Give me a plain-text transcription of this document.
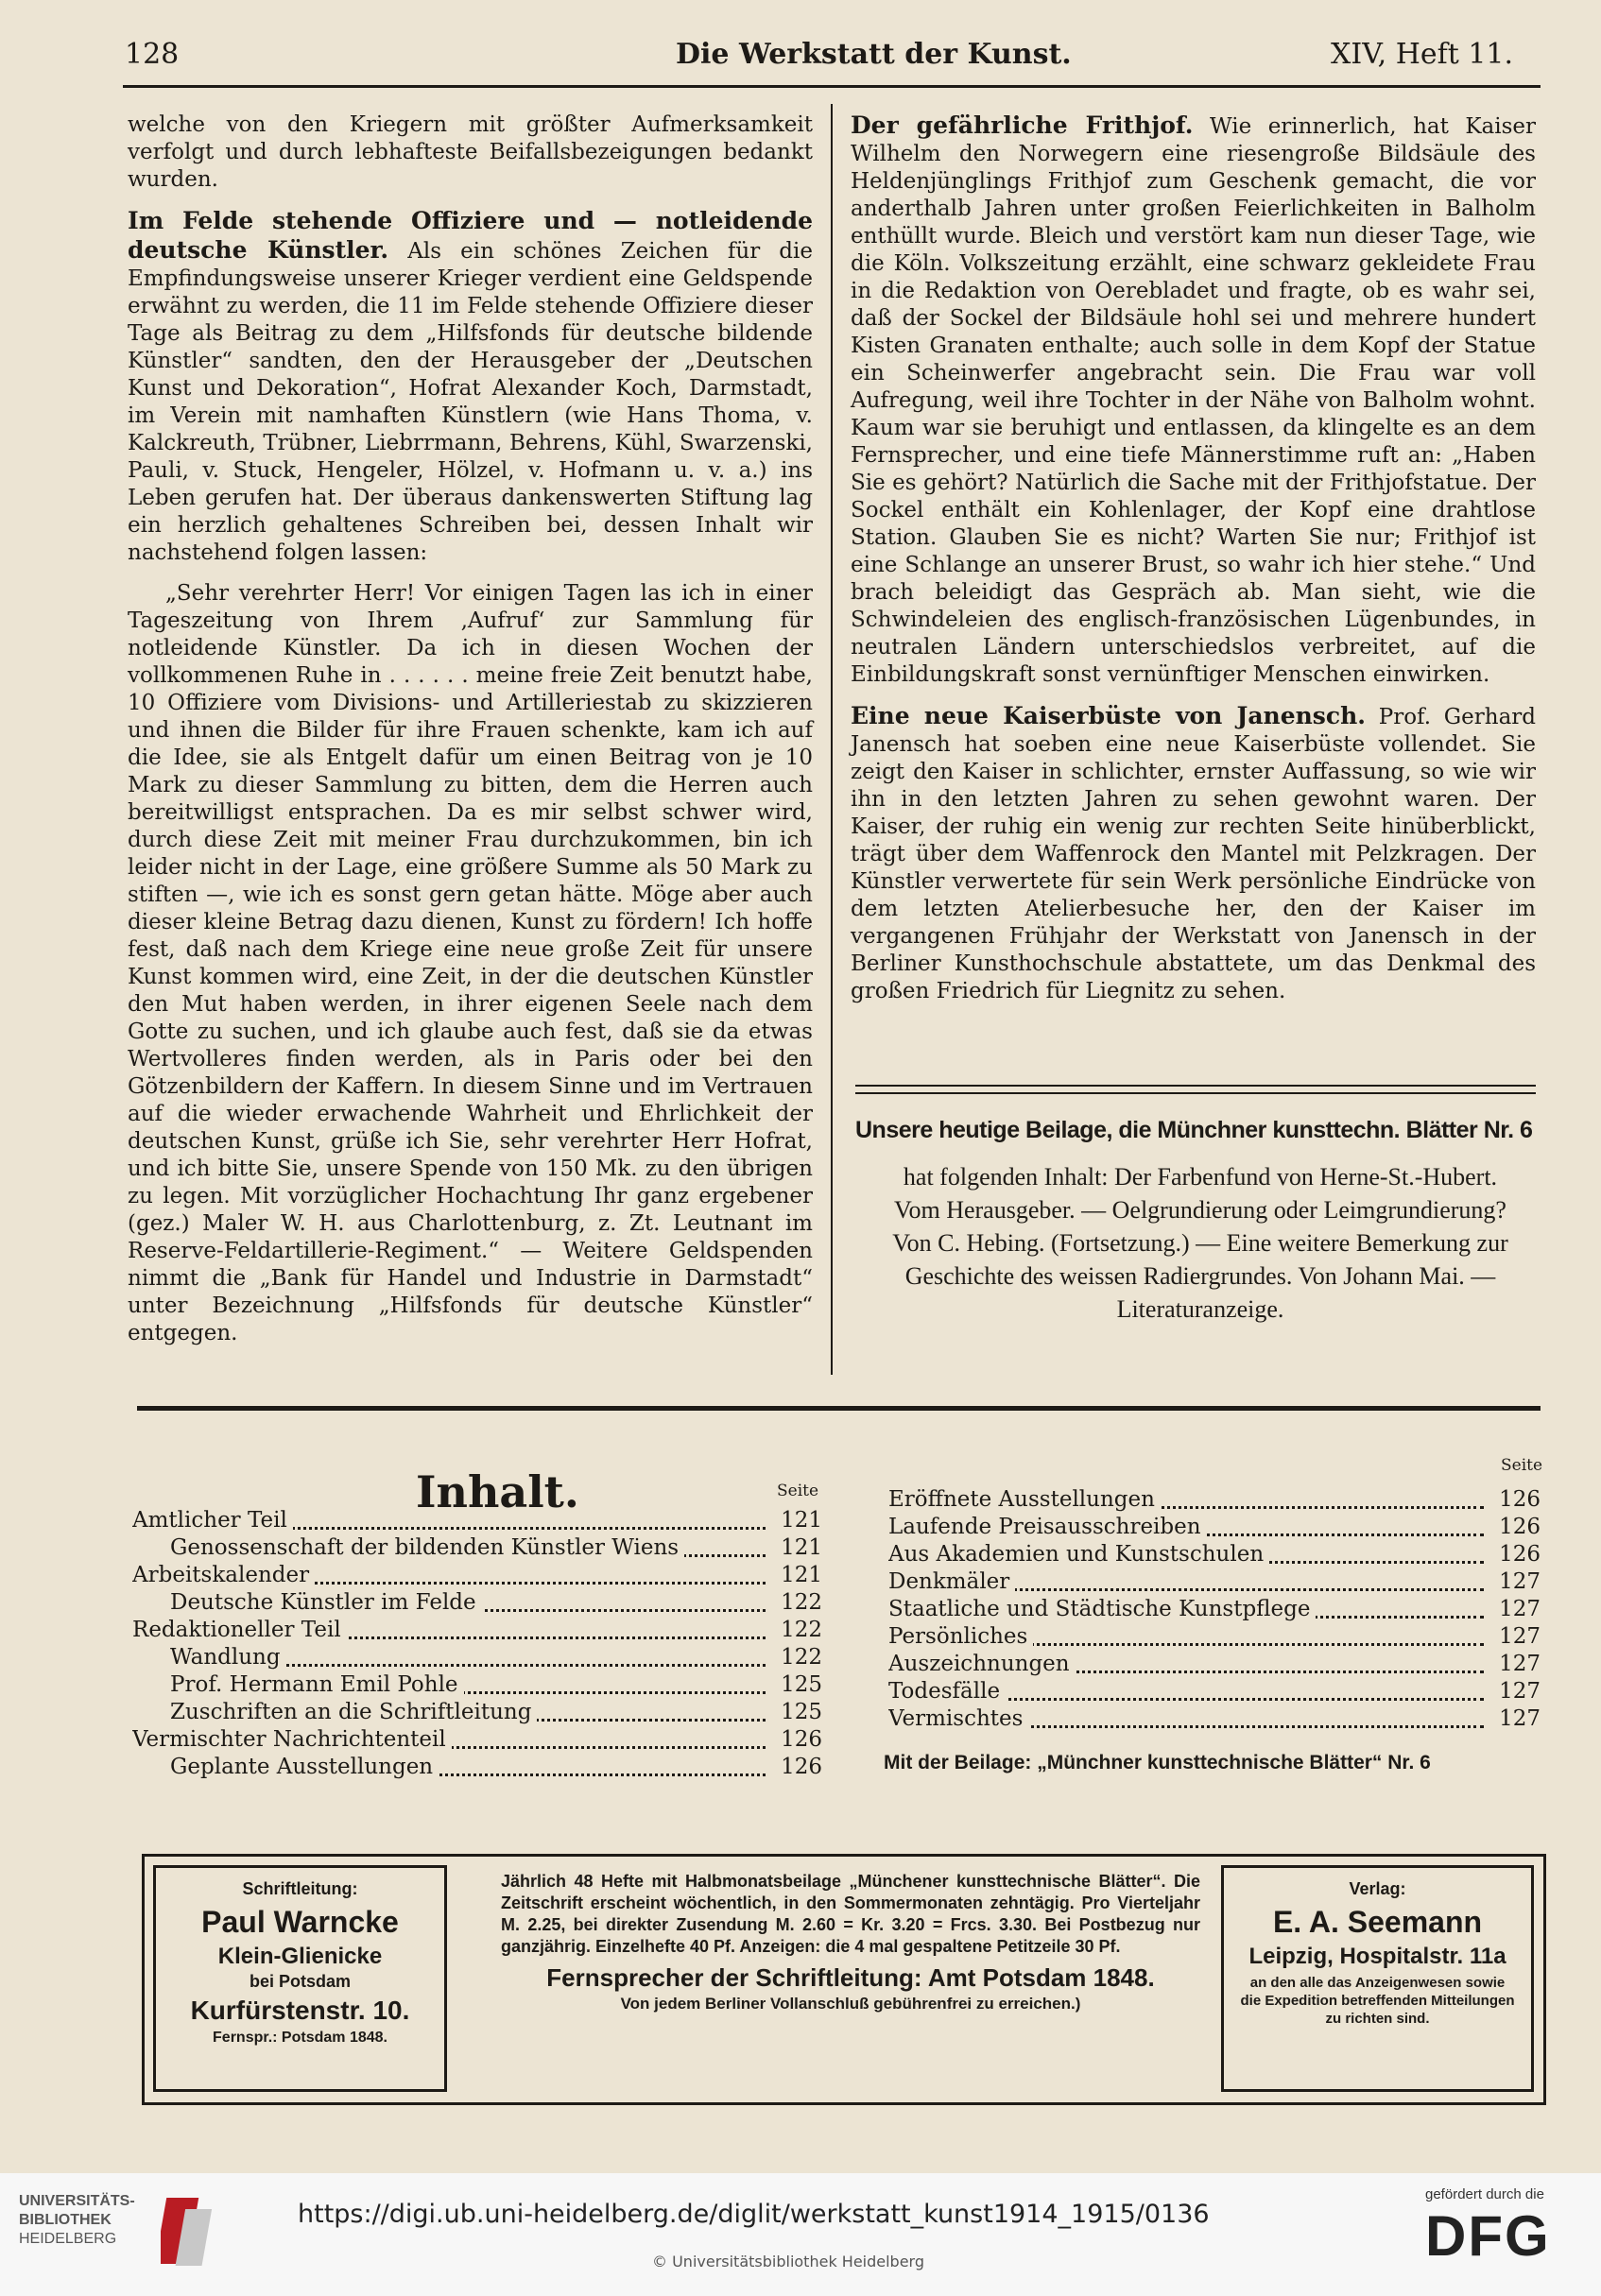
128	Die Werkstatt der Kunst.	XIV, Heft 11.

welche von den Kriegern mit größter Aufmerksamkeit verfolgt und durch lebhafteste Beifallsbezeigungen bedankt wurden.

Im Felde stehende Offiziere und — notleidende deutsche Künstler. Als ein schönes Zeichen für die Empfindungsweise unserer Krieger verdient eine Geldspende erwähnt zu werden, die 11 im Felde stehende Offiziere dieser Tage als Beitrag zu dem „Hilfsfonds für deutsche bildende Künstler“ sandten, den der Herausgeber der „Deutschen Kunst und Dekoration“, Hofrat Alexander Koch, Darmstadt, im Verein mit namhaften Künstlern (wie Hans Thoma, v. Kalckreuth, Trübner, Liebrrmann, Behrens, Kühl, Swarzenski, Pauli, v. Stuck, Hengeler, Hölzel, v. Hofmann u. v. a.) ins Leben gerufen hat. Der überaus dankenswerten Stiftung lag ein herzlich gehaltenes Schreiben bei, dessen Inhalt wir nachstehend folgen lassen:

„Sehr verehrter Herr! Vor einigen Tagen las ich in einer Tageszeitung von Ihrem ‚Aufruf‘ zur Sammlung für notleidende Künstler. Da ich in diesen Wochen der vollkommenen Ruhe in . . . . . . meine freie Zeit benutzt habe, 10 Offiziere vom Divisions- und Artilleriestab zu skizzieren und ihnen die Bilder für ihre Frauen schenkte, kam ich auf die Idee, sie als Entgelt dafür um einen Beitrag von je 10 Mark zu dieser Sammlung zu bitten, dem die Herren auch bereitwilligst entsprachen. Da es mir selbst schwer wird, durch diese Zeit mit meiner Frau durchzukommen, bin ich leider nicht in der Lage, eine größere Summe als 50 Mark zu stiften —, wie ich es sonst gern getan hätte. Möge aber auch dieser kleine Betrag dazu dienen, Kunst zu fördern! Ich hoffe fest, daß nach dem Kriege eine neue große Zeit für unsere Kunst kommen wird, eine Zeit, in der die deutschen Künstler den Mut haben werden, in ihrer eigenen Seele nach dem Gotte zu suchen, und ich glaube auch fest, daß sie da etwas Wertvolleres finden werden, als in Paris oder bei den Götzenbildern der Kaffern. In diesem Sinne und im Vertrauen auf die wieder erwachende Wahrheit und Ehrlichkeit der deutschen Kunst, grüße ich Sie, sehr verehrter Herr Hofrat, und ich bitte Sie, unsere Spende von 150 Mk. zu den übrigen zu legen. Mit vorzüglicher Hochachtung Ihr ganz ergebener (gez.) Maler W. H. aus Charlottenburg, z. Zt. Leutnant im Reserve-Feldartillerie-Regiment.“ — Weitere Geldspenden nimmt die „Bank für Handel und Industrie in Darmstadt“ unter Bezeichnung „Hilfsfonds für deutsche Künstler“ entgegen.

Der gefährliche Frithjof. Wie erinnerlich, hat Kaiser Wilhelm den Norwegern eine riesengroße Bildsäule des Heldenjünglings Frithjof zum Geschenk gemacht, die vor anderthalb Jahren unter großen Feierlichkeiten in Balholm enthüllt wurde. Bleich und verstört kam nun dieser Tage, wie die Köln. Volkszeitung erzählt, eine schwarz gekleidete Frau in die Redaktion von Oerebladet und fragte, ob es wahr sei, daß der Sockel der Bildsäule hohl sei und mehrere hundert Kisten Granaten enthalte; auch solle in dem Kopf der Statue ein Scheinwerfer angebracht sein. Die Frau war voll Aufregung, weil ihre Tochter in der Nähe von Balholm wohnt. Kaum war sie beruhigt und entlassen, da klingelte es an dem Fernsprecher, und eine tiefe Männerstimme ruft an: „Haben Sie es gehört? Natürlich die Sache mit der Frithjofstatue. Der Sockel enthält ein Kohlenlager, der Kopf eine drahtlose Station. Glauben Sie es nicht? Warten Sie nur; Frithjof ist eine Schlange an unserer Brust, so wahr ich hier stehe.“ Und brach beleidigt das Gespräch ab. Man sieht, wie die Schwindeleien des englisch-französischen Lügenbundes, in neutralen Ländern unterschiedslos verbreitet, auf die Einbildungskraft sonst vernünftiger Menschen einwirken.

Eine neue Kaiserbüste von Janensch. Prof. Gerhard Janensch hat soeben eine neue Kaiserbüste vollendet. Sie zeigt den Kaiser in schlichter, ernster Auffassung, so wie wir ihn in den letzten Jahren zu sehen gewohnt waren. Der Kaiser, der ruhig ein wenig zur rechten Seite hinüberblickt, trägt über dem Waffenrock den Mantel mit Pelzkragen. Der Künstler verwertete für sein Werk persönliche Eindrücke von dem letzten Atelierbesuche her, den der Kaiser im vergangenen Frühjahr der Werkstatt von Janensch in der Berliner Kunsthochschule abstattete, um das Denkmal des großen Friedrich für Liegnitz zu sehen.

Unsere heutige Beilage, die Münchner kunsttechn. Blätter Nr. 6
hat folgenden Inhalt: Der Farbenfund von Herne-St.-Hubert. Vom Herausgeber. — Oelgrundierung oder Leimgrundierung? Von C. Hebing. (Fortsetzung.) — Eine weitere Bemerkung zur Geschichte des weissen Radiergrundes. Von Johann Mai. — Literaturanzeige.
Inhalt.	Seite
Seite
Amtlicher Teil	121
Genossenschaft der bildenden Künstler Wiens	121
Arbeitskalender	121
Deutsche Künstler im Felde	122
Redaktioneller Teil	122
Wandlung	122
Prof. Hermann Emil Pohle	125
Zuschriften an die Schriftleitung	125
Vermischter Nachrichtenteil	126
Geplante Ausstellungen	126
Eröffnete Ausstellungen	126
Laufende Preisausschreiben	126
Aus Akademien und Kunstschulen	126
Denkmäler	127
Staatliche und Städtische Kunstpflege	127
Persönliches	127
Auszeichnungen	127
Todesfälle	127
Vermischtes	127
Mit der Beilage: „Münchner kunsttechnische Blätter“ Nr. 6
Schriftleitung:
Paul Warncke
Klein-Glienicke
bei Potsdam
Kurfürstenstr. 10.
Fernspr.: Potsdam 1848.
Jährlich 48 Hefte mit Halbmonatsbeilage „Münchener kunsttechnische Blätter“. Die Zeitschrift erscheint wöchentlich, in den Sommermonaten zehntägig. Pro Vierteljahr M. 2.25, bei direkter Zusendung M. 2.60 = Kr. 3.20 = Frcs. 3.30. Bei Postbezug nur ganzjährig. Einzelhefte 40 Pf. Anzeigen: die 4 mal gespaltene Petitzeile 30 Pf.
Fernsprecher der Schriftleitung: Amt Potsdam 1848.
Von jedem Berliner Vollanschluß gebührenfrei zu erreichen.)
Verlag:
E. A. Seemann
Leipzig, Hospitalstr. 11a
an den alle das Anzeigenwesen sowie die Expedition betreffenden Mitteilungen zu richten sind.
UNIVERSITÄTS-
BIBLIOTHEK
HEIDELBERG
https://digi.ub.uni-heidelberg.de/diglit/werkstatt_kunst1914_1915/0136
© Universitätsbibliothek Heidelberg
gefördert durch die
DFG
